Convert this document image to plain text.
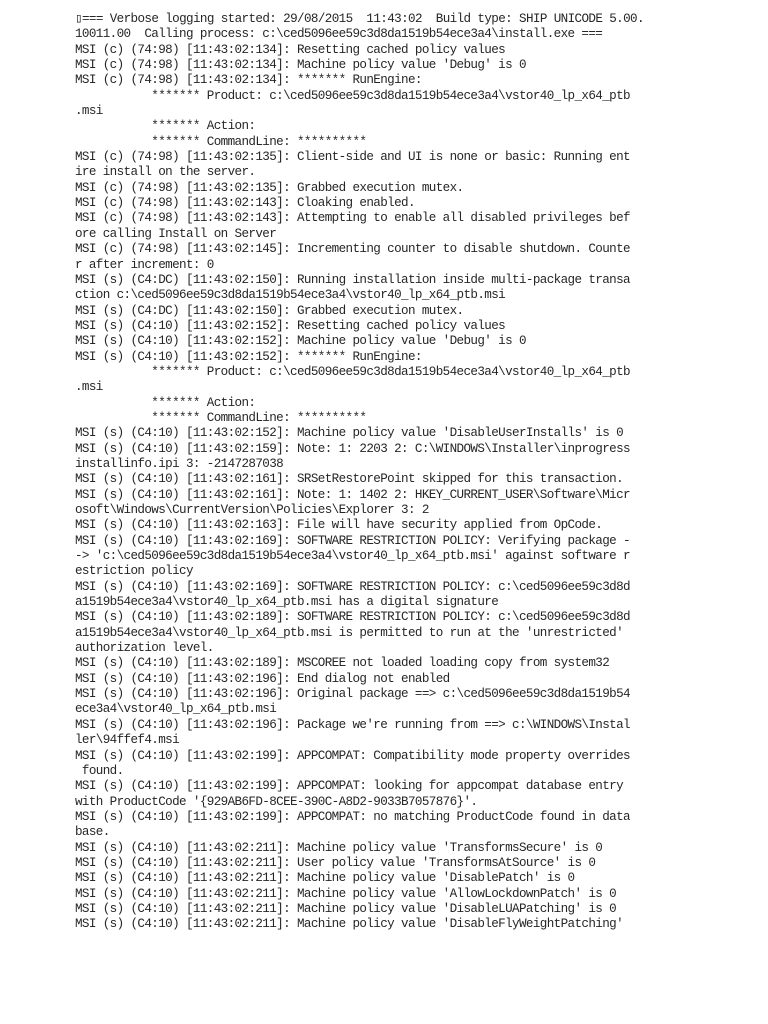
▯=== Verbose logging started: 29/08/2015  11:43:02  Build type: SHIP UNICODE 5.00.
10011.00  Calling process: c:\ced5096ee59c3d8da1519b54ece3a4\install.exe ===
MSI (c) (74:98) [11:43:02:134]: Resetting cached policy values
MSI (c) (74:98) [11:43:02:134]: Machine policy value 'Debug' is 0
MSI (c) (74:98) [11:43:02:134]: ******* RunEngine:
******* Product: c:\ced5096ee59c3d8da1519b54ece3a4\vstor40_lp_x64_ptb
.msi
******* Action:
******* CommandLine: **********
MSI (c) (74:98) [11:43:02:135]: Client-side and UI is none or basic: Running ent
ire install on the server.
MSI (c) (74:98) [11:43:02:135]: Grabbed execution mutex.
MSI (c) (74:98) [11:43:02:143]: Cloaking enabled.
MSI (c) (74:98) [11:43:02:143]: Attempting to enable all disabled privileges bef
ore calling Install on Server
MSI (c) (74:98) [11:43:02:145]: Incrementing counter to disable shutdown. Counte
r after increment: 0
MSI (s) (C4:DC) [11:43:02:150]: Running installation inside multi-package transa
ction c:\ced5096ee59c3d8da1519b54ece3a4\vstor40_lp_x64_ptb.msi
MSI (s) (C4:DC) [11:43:02:150]: Grabbed execution mutex.
MSI (s) (C4:10) [11:43:02:152]: Resetting cached policy values
MSI (s) (C4:10) [11:43:02:152]: Machine policy value 'Debug' is 0
MSI (s) (C4:10) [11:43:02:152]: ******* RunEngine:
******* Product: c:\ced5096ee59c3d8da1519b54ece3a4\vstor40_lp_x64_ptb
.msi
******* Action:
******* CommandLine: **********
MSI (s) (C4:10) [11:43:02:152]: Machine policy value 'DisableUserInstalls' is 0
MSI (s) (C4:10) [11:43:02:159]: Note: 1: 2203 2: C:\WINDOWS\Installer\inprogress
installinfo.ipi 3: -2147287038
MSI (s) (C4:10) [11:43:02:161]: SRSetRestorePoint skipped for this transaction.
MSI (s) (C4:10) [11:43:02:161]: Note: 1: 1402 2: HKEY_CURRENT_USER\Software\Micr
osoft\Windows\CurrentVersion\Policies\Explorer 3: 2
MSI (s) (C4:10) [11:43:02:163]: File will have security applied from OpCode.
MSI (s) (C4:10) [11:43:02:169]: SOFTWARE RESTRICTION POLICY: Verifying package -
-> 'c:\ced5096ee59c3d8da1519b54ece3a4\vstor40_lp_x64_ptb.msi' against software r
estriction policy
MSI (s) (C4:10) [11:43:02:169]: SOFTWARE RESTRICTION POLICY: c:\ced5096ee59c3d8d
a1519b54ece3a4\vstor40_lp_x64_ptb.msi has a digital signature
MSI (s) (C4:10) [11:43:02:189]: SOFTWARE RESTRICTION POLICY: c:\ced5096ee59c3d8d
a1519b54ece3a4\vstor40_lp_x64_ptb.msi is permitted to run at the 'unrestricted'
authorization level.
MSI (s) (C4:10) [11:43:02:189]: MSCOREE not loaded loading copy from system32
MSI (s) (C4:10) [11:43:02:196]: End dialog not enabled
MSI (s) (C4:10) [11:43:02:196]: Original package ==> c:\ced5096ee59c3d8da1519b54
ece3a4\vstor40_lp_x64_ptb.msi
MSI (s) (C4:10) [11:43:02:196]: Package we're running from ==> c:\WINDOWS\Instal
ler\94ffef4.msi
MSI (s) (C4:10) [11:43:02:199]: APPCOMPAT: Compatibility mode property overrides
found.
MSI (s) (C4:10) [11:43:02:199]: APPCOMPAT: looking for appcompat database entry
with ProductCode '{929AB6FD-8CEE-390C-A8D2-9033B7057876}'.
MSI (s) (C4:10) [11:43:02:199]: APPCOMPAT: no matching ProductCode found in data
base.
MSI (s) (C4:10) [11:43:02:211]: Machine policy value 'TransformsSecure' is 0
MSI (s) (C4:10) [11:43:02:211]: User policy value 'TransformsAtSource' is 0
MSI (s) (C4:10) [11:43:02:211]: Machine policy value 'DisablePatch' is 0
MSI (s) (C4:10) [11:43:02:211]: Machine policy value 'AllowLockdownPatch' is 0
MSI (s) (C4:10) [11:43:02:211]: Machine policy value 'DisableLUAPatching' is 0
MSI (s) (C4:10) [11:43:02:211]: Machine policy value 'DisableFlyWeightPatching'
